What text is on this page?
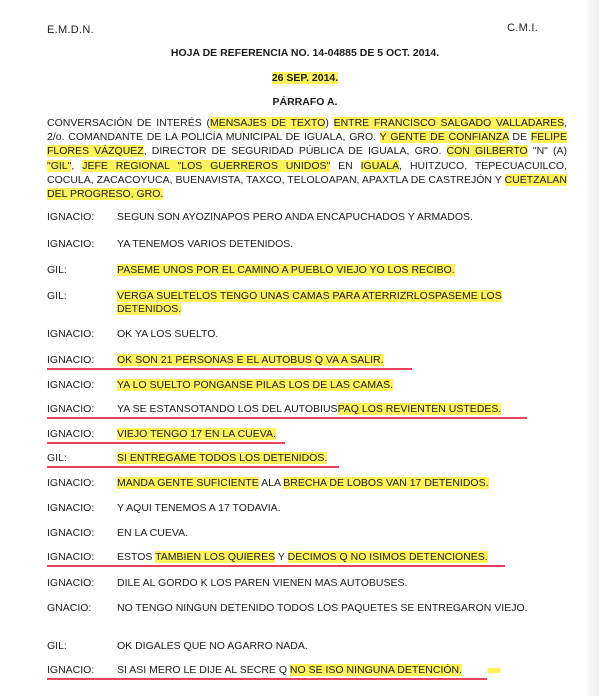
E.M.D.N.	C.M.I.
HOJA DE REFERENCIA NO. 14-04885 DE 5 OCT. 2014.
26 SEP. 2014.
PÁRRAFO A.
CONVERSACIÓN DE INTERÉS (MENSAJES DE TEXTO) ENTRE FRANCISCO SALGADO VALLADARES, 2/o. COMANDANTE DE LA POLICÍA MUNICIPAL DE IGUALA, GRO. Y GENTE DE CONFIANZA DE FELIPE FLORES VÁZQUEZ, DIRECTOR DE SEGURIDAD PÚBLICA DE IGUALA, GRO. CON GILBERTO "N" (A) "GIL", JEFE REGIONAL "LOS GUERREROS UNIDOS" EN IGUALA, HUITZUCO, TEPECUACUILCO, COCULA, ZACACOYUCA, BUENAVISTA, TAXCO, TELOLOAPAN, APAXTLA DE CASTREJÓN Y CUETZALAN DEL PROGRESO, GRO.
IGNACIO: SEGUN SON AYOZINAPOS PERO ANDA ENCAPUCHADOS Y ARMADOS.
IGNACIO: YA TENEMOS VARIOS DETENIDOS.
GIL:	PASEME UNOS POR EL CAMINO A PUEBLO VIEJO YO LOS RECIBO.
GIL:	VERGA SUELTELOS TENGO UNAS CAMAS PARA ATERRIZRLOSPASEME LOS DETENIDOS.
IGNACIO: OK YA LOS SUELTO.
IGNACIO: OK SON 21 PERSONAS E EL AUTOBUS Q VA A SALIR.
IGNACIO: YA LO SUELTO PONGANSE PILAS LOS DE LAS CAMAS.
IGNACIO: YA SE ESTANSOTANDO LOS DEL AUTOBIUSPAQ LOS REVIENTEN USTEDES.
IGNACIO: VIEJO TENGO 17 EN LA CUEVA.
GIL:	SI ENTREGAME TODOS LOS DETENIDOS.
IGNACIO: MANDA GENTE SUFICIENTE ALA BRECHA DE LOBOS VAN 17 DETENIDOS.
IGNACIO: Y AQUI TENEMOS A 17 TODAVIA.
IGNACIO: EN LA CUEVA.
IGNACIO: ESTOS TAMBIEN LOS QUIERES Y DECIMOS Q NO ISIMOS DETENCIONES.
IGNACIO: DILE AL GORDO K LOS PAREN VIENEN MAS AUTOBUSES.
GNACIO: NO TENGO NINGUN DETENIDO TODOS LOS PAQUETES SE ENTREGARON VIEJO.
GIL:	OK DIGALES QUE NO AGARRO NADA.
IGNACIO: SI ASI MERO LE DIJE AL SECRE Q NO SE ISO NINGUNA DETENCIÓN.
